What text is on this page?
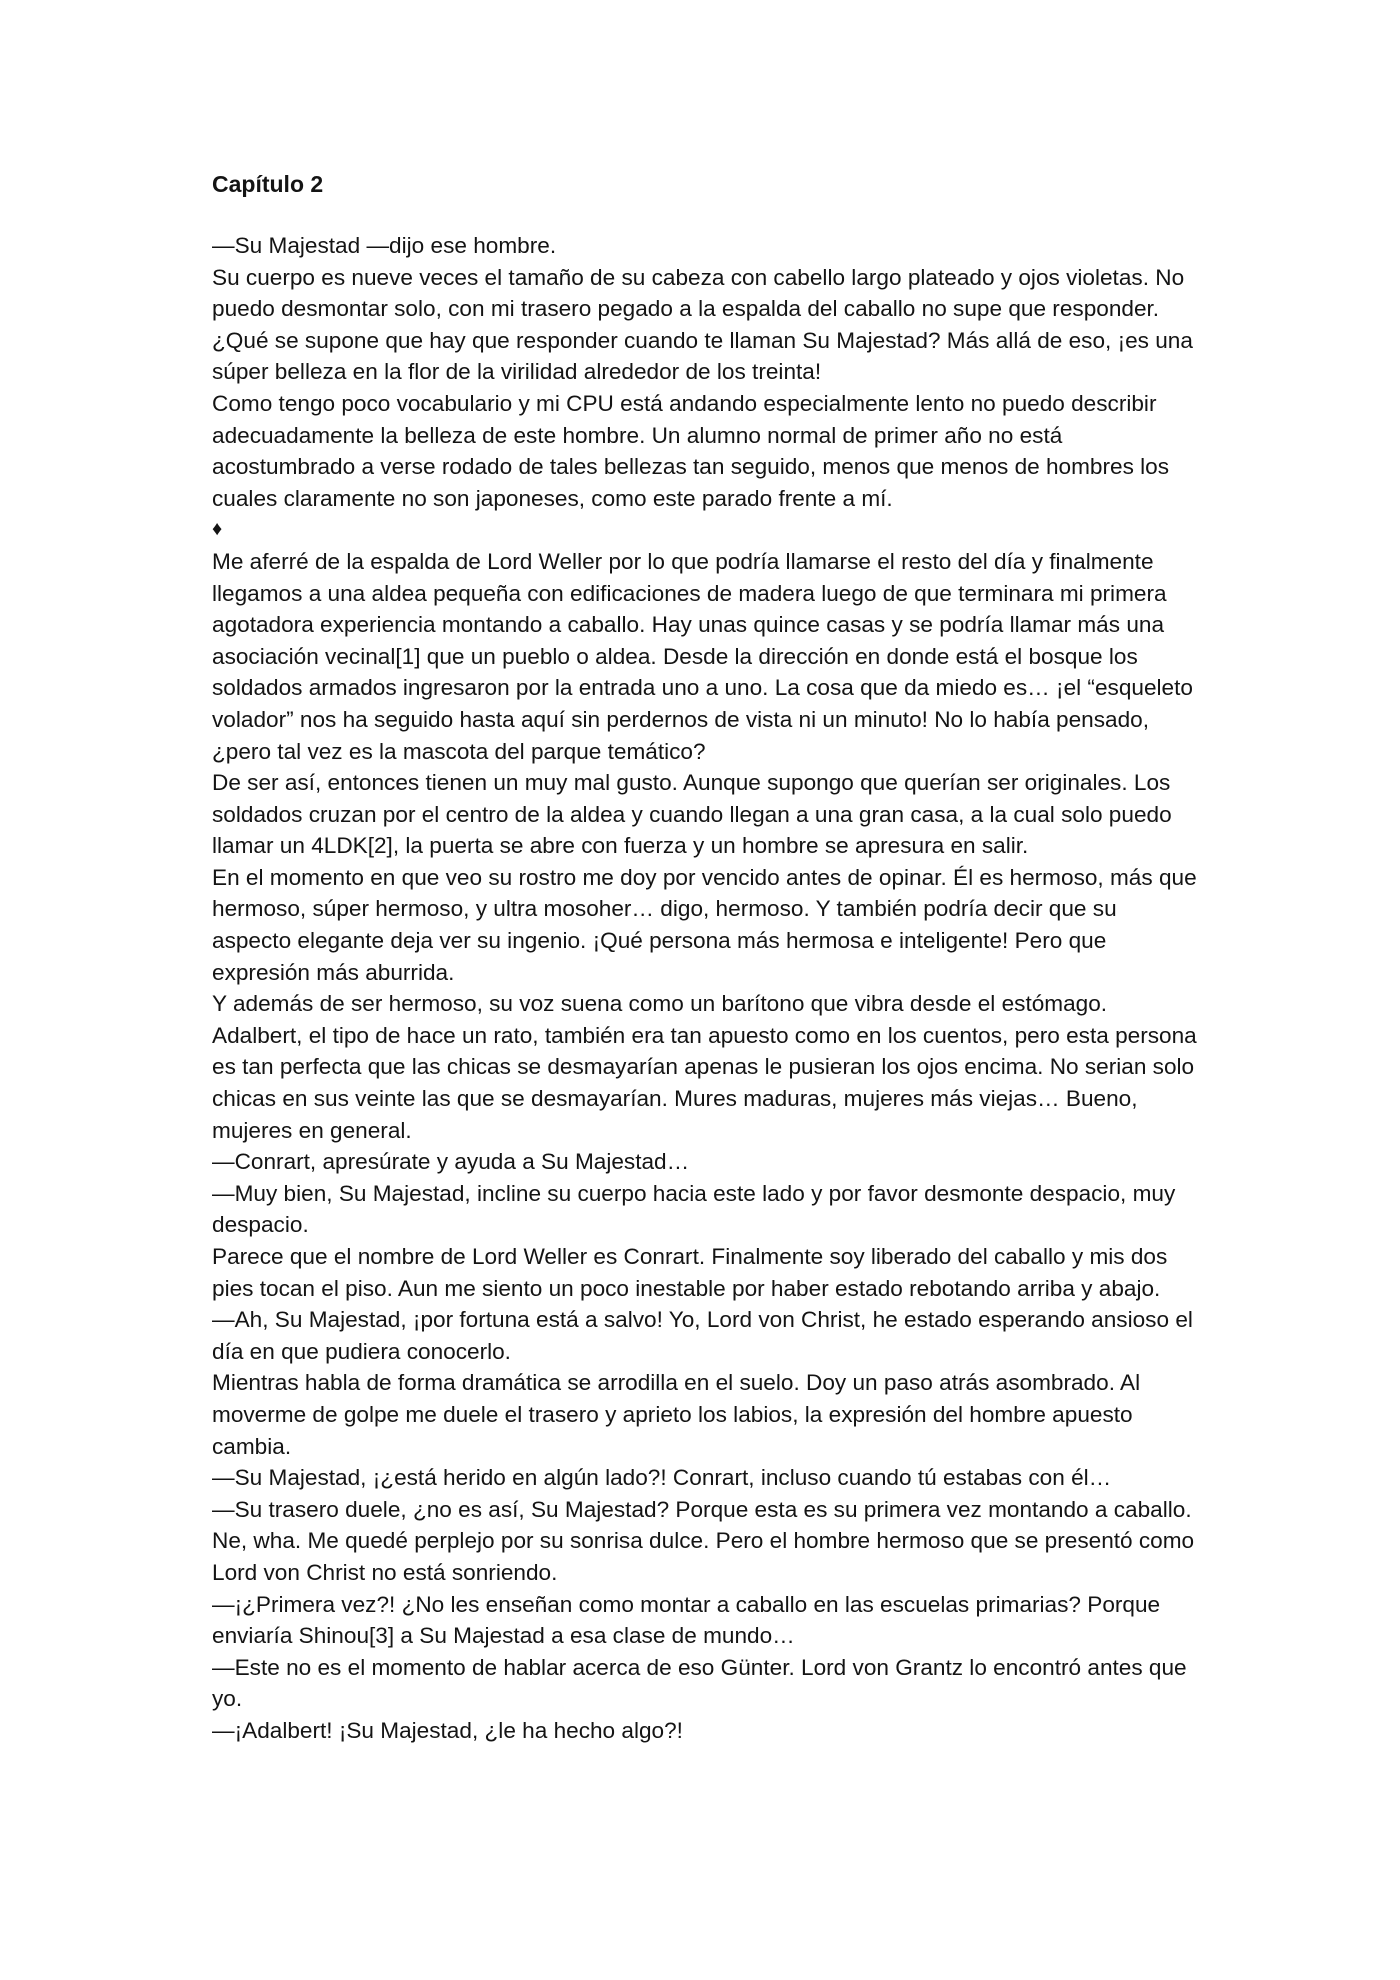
Capítulo 2

—Su Majestad —dijo ese hombre.

Su cuerpo es nueve veces el tamaño de su cabeza con cabello largo plateado y ojos violetas. No puedo desmontar solo, con mi trasero pegado a la espalda del caballo no supe que responder. ¿Qué se supone que hay que responder cuando te llaman Su Majestad? Más allá de eso, ¡es una súper belleza en la flor de la virilidad alrededor de los treinta!

Como tengo poco vocabulario y mi CPU está andando especialmente lento no puedo describir adecuadamente la belleza de este hombre. Un alumno normal de primer año no está acostumbrado a verse rodado de tales bellezas tan seguido, menos que menos de hombres los cuales claramente no son japoneses, como este parado frente a mí.

♦

Me aferré de la espalda de Lord Weller por lo que podría llamarse el resto del día y finalmente llegamos a una aldea pequeña con edificaciones de madera luego de que terminara mi primera agotadora experiencia montando a caballo. Hay unas quince casas y se podría llamar más una asociación vecinal[1] que un pueblo o aldea. Desde la dirección en donde está el bosque los soldados armados ingresaron por la entrada uno a uno. La cosa que da miedo es… ¡el “esqueleto volador” nos ha seguido hasta aquí sin perdernos de vista ni un minuto! No lo había pensado, ¿pero tal vez es la mascota del parque temático?

De ser así, entonces tienen un muy mal gusto. Aunque supongo que querían ser originales. Los soldados cruzan por el centro de la aldea y cuando llegan a una gran casa, a la cual solo puedo llamar un 4LDK[2], la puerta se abre con fuerza y un hombre se apresura en salir.

En el momento en que veo su rostro me doy por vencido antes de opinar. Él es hermoso, más que hermoso, súper hermoso, y ultra mosoher… digo, hermoso. Y también podría decir que su aspecto elegante deja ver su ingenio. ¡Qué persona más hermosa e inteligente! Pero que expresión más aburrida.

Y además de ser hermoso, su voz suena como un barítono que vibra desde el estómago. Adalbert, el tipo de hace un rato, también era tan apuesto como en los cuentos, pero esta persona es tan perfecta que las chicas se desmayarían apenas le pusieran los ojos encima. No serian solo chicas en sus veinte las que se desmayarían. Mures maduras, mujeres más viejas… Bueno, mujeres en general.

—Conrart, apresúrate y ayuda a Su Majestad…

—Muy bien, Su Majestad, incline su cuerpo hacia este lado y por favor desmonte despacio, muy despacio.

Parece que el nombre de Lord Weller es Conrart. Finalmente soy liberado del caballo y mis dos pies tocan el piso. Aun me siento un poco inestable por haber estado rebotando arriba y abajo.

—Ah, Su Majestad, ¡por fortuna está a salvo! Yo, Lord von Christ, he estado esperando ansioso el día en que pudiera conocerlo.

Mientras habla de forma dramática se arrodilla en el suelo. Doy un paso atrás asombrado. Al moverme de golpe me duele el trasero y aprieto los labios, la expresión del hombre apuesto cambia.

—Su Majestad, ¡¿está herido en algún lado?! Conrart, incluso cuando tú estabas con él…

—Su trasero duele, ¿no es así, Su Majestad? Porque esta es su primera vez montando a caballo.

Ne, wha. Me quedé perplejo por su sonrisa dulce. Pero el hombre hermoso que se presentó como Lord von Christ no está sonriendo.

—¡¿Primera vez?! ¿No les enseñan como montar a caballo en las escuelas primarias? Porque enviaría Shinou[3] a Su Majestad a esa clase de mundo…

—Este no es el momento de hablar acerca de eso Günter. Lord von Grantz lo encontró antes que yo.

—¡Adalbert! ¡Su Majestad, ¿le ha hecho algo?!
